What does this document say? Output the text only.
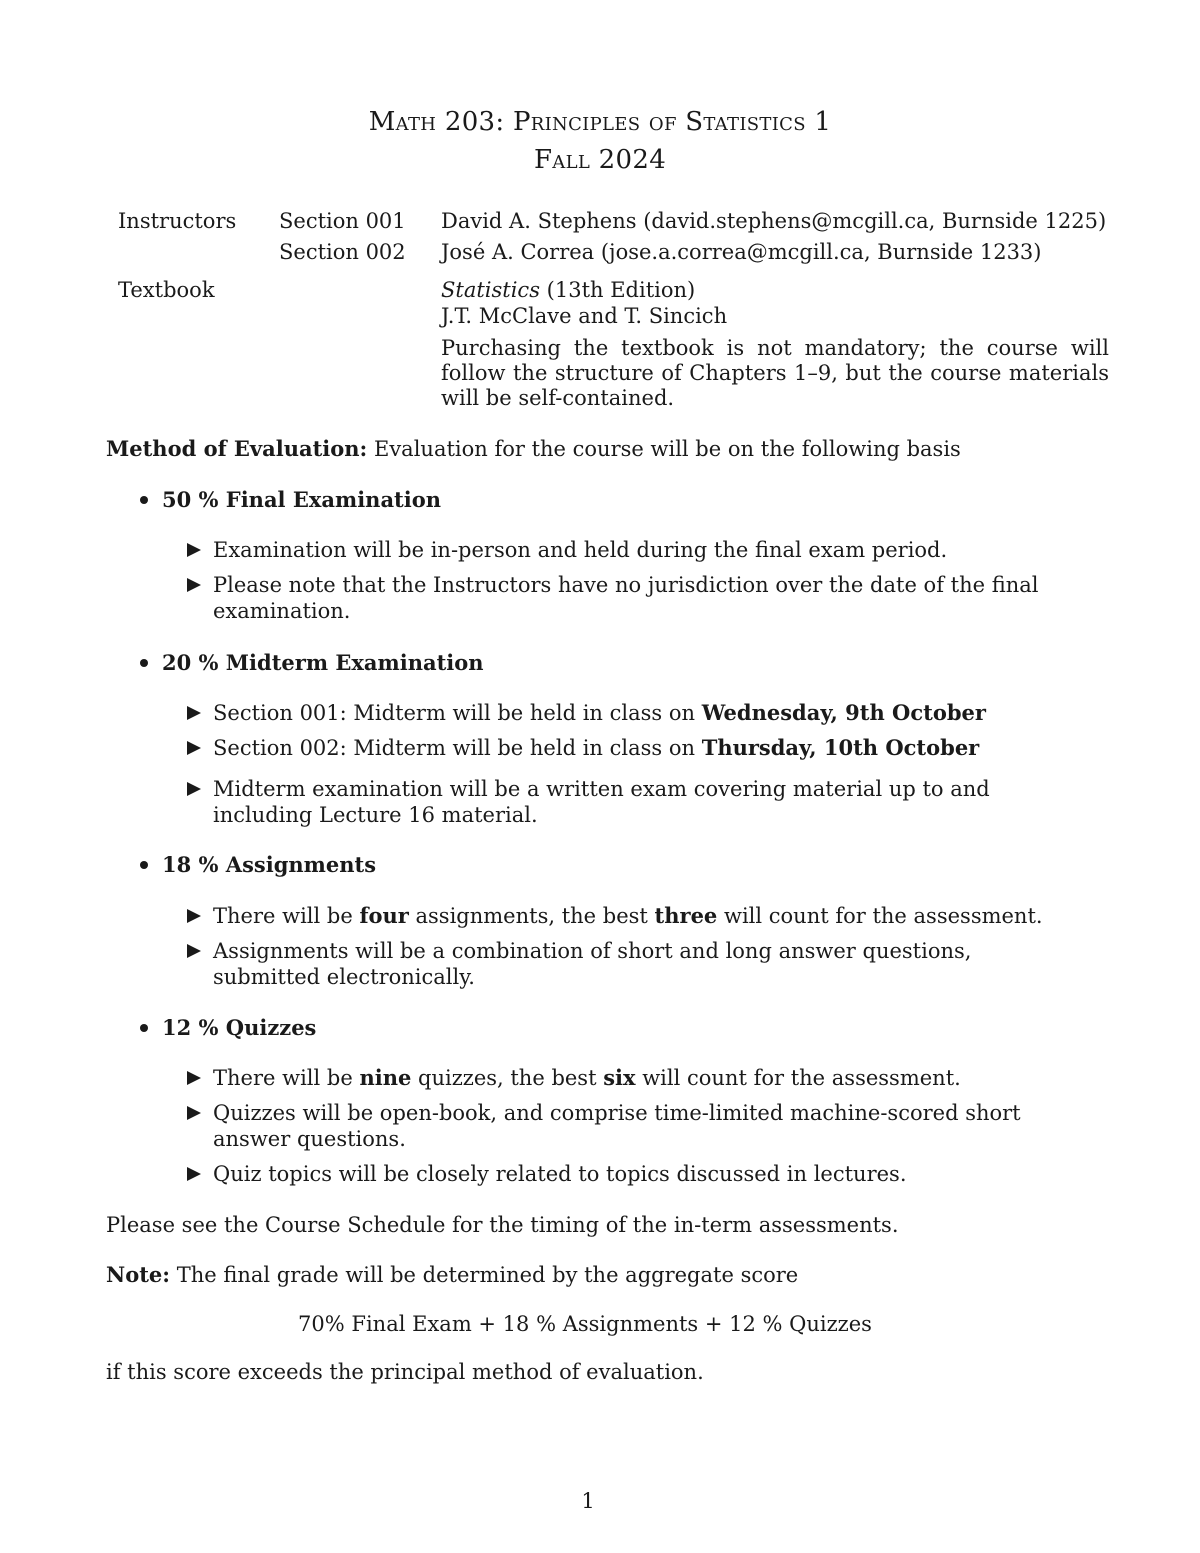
Math 203: Principles of Statistics 1
Fall 2024
Instructors Section 001 David A. Stephens (david.stephens@mcgill.ca, Burnside 1225)
Section 002 José A. Correa (jose.a.correa@mcgill.ca, Burnside 1233)
Textbook	Statistics (13th Edition)
J.T. McClave and T. Sincich
Purchasing the textbook is not mandatory; the course will follow the structure of Chapters 1–9, but the course materials will be self-contained.
Method of Evaluation: Evaluation for the course will be on the following basis
50 % Final Examination
Examination will be in-person and held during the final exam period.
Please note that the Instructors have no jurisdiction over the date of the final examination.
20 % Midterm Examination
Section 001: Midterm will be held in class on Wednesday, 9th October
Section 002: Midterm will be held in class on Thursday, 10th October
Midterm examination will be a written exam covering material up to and including Lecture 16 material.
18 % Assignments
There will be four assignments, the best three will count for the assessment.
Assignments will be a combination of short and long answer questions, submitted electronically.
12 % Quizzes
There will be nine quizzes, the best six will count for the assessment.
Quizzes will be open-book, and comprise time-limited machine-scored short answer questions.
Quiz topics will be closely related to topics discussed in lectures.
Please see the Course Schedule for the timing of the in-term assessments.
Note: The final grade will be determined by the aggregate score
70% Final Exam + 18 % Assignments + 12 % Quizzes
if this score exceeds the principal method of evaluation.
1
